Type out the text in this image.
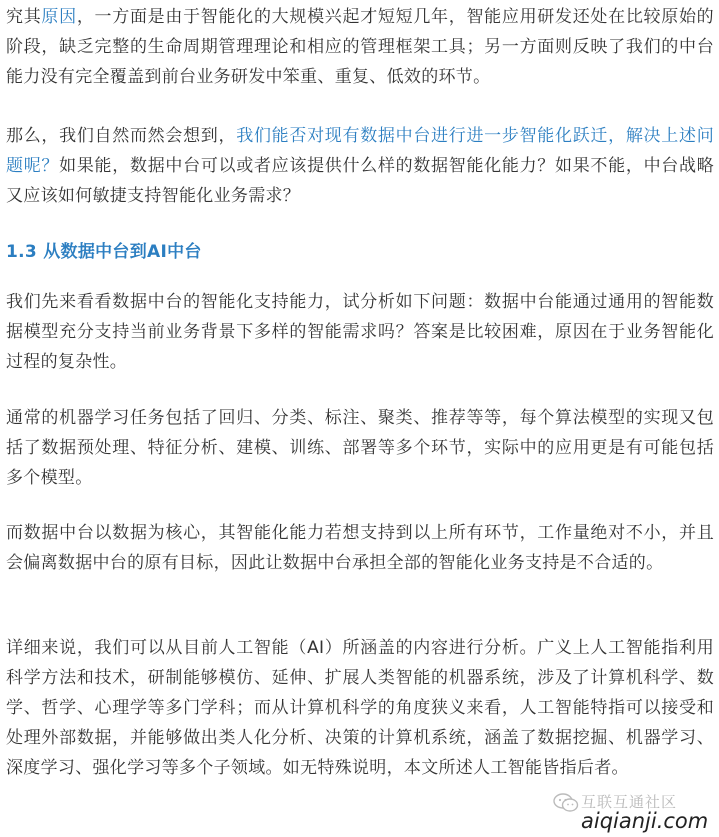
究其原因，一方面是由于智能化的大规模兴起才短短几年，智能应用研发还处在比较原始的阶段，缺乏完整的生命周期管理理论和相应的管理框架工具；另一方面则反映了我们的中台能力没有完全覆盖到前台业务研发中笨重、重复、低效的环节。

那么，我们自然而然会想到，我们能否对现有数据中台进行进一步智能化跃迁，解决上述问题呢？如果能，数据中台可以或者应该提供什么样的数据智能化能力？如果不能，中台战略又应该如何敏捷支持智能化业务需求？

1.3 从数据中台到AI中台

我们先来看看数据中台的智能化支持能力，试分析如下问题：数据中台能通过通用的智能数据模型充分支持当前业务背景下多样的智能需求吗？答案是比较困难，原因在于业务智能化过程的复杂性。

通常的机器学习任务包括了回归、分类、标注、聚类、推荐等等，每个算法模型的实现又包括了数据预处理、特征分析、建模、训练、部署等多个环节，实际中的应用更是有可能包括多个模型。

而数据中台以数据为核心，其智能化能力若想支持到以上所有环节，工作量绝对不小，并且会偏离数据中台的原有目标，因此让数据中台承担全部的智能化业务支持是不合适的。

详细来说，我们可以从目前人工智能（AI）所涵盖的内容进行分析。广义上人工智能指利用科学方法和技术，研制能够模仿、延伸、扩展人类智能的机器系统，涉及了计算机科学、数学、哲学、心理学等多门学科；而从计算机科学的角度狭义来看，人工智能特指可以接受和处理外部数据，并能够做出类人化分析、决策的计算机系统，涵盖了数据挖掘、机器学习、深度学习、强化学习等多个子领域。如无特殊说明，本文所述人工智能皆指后者。

互联互通社区
aiqianji.com
